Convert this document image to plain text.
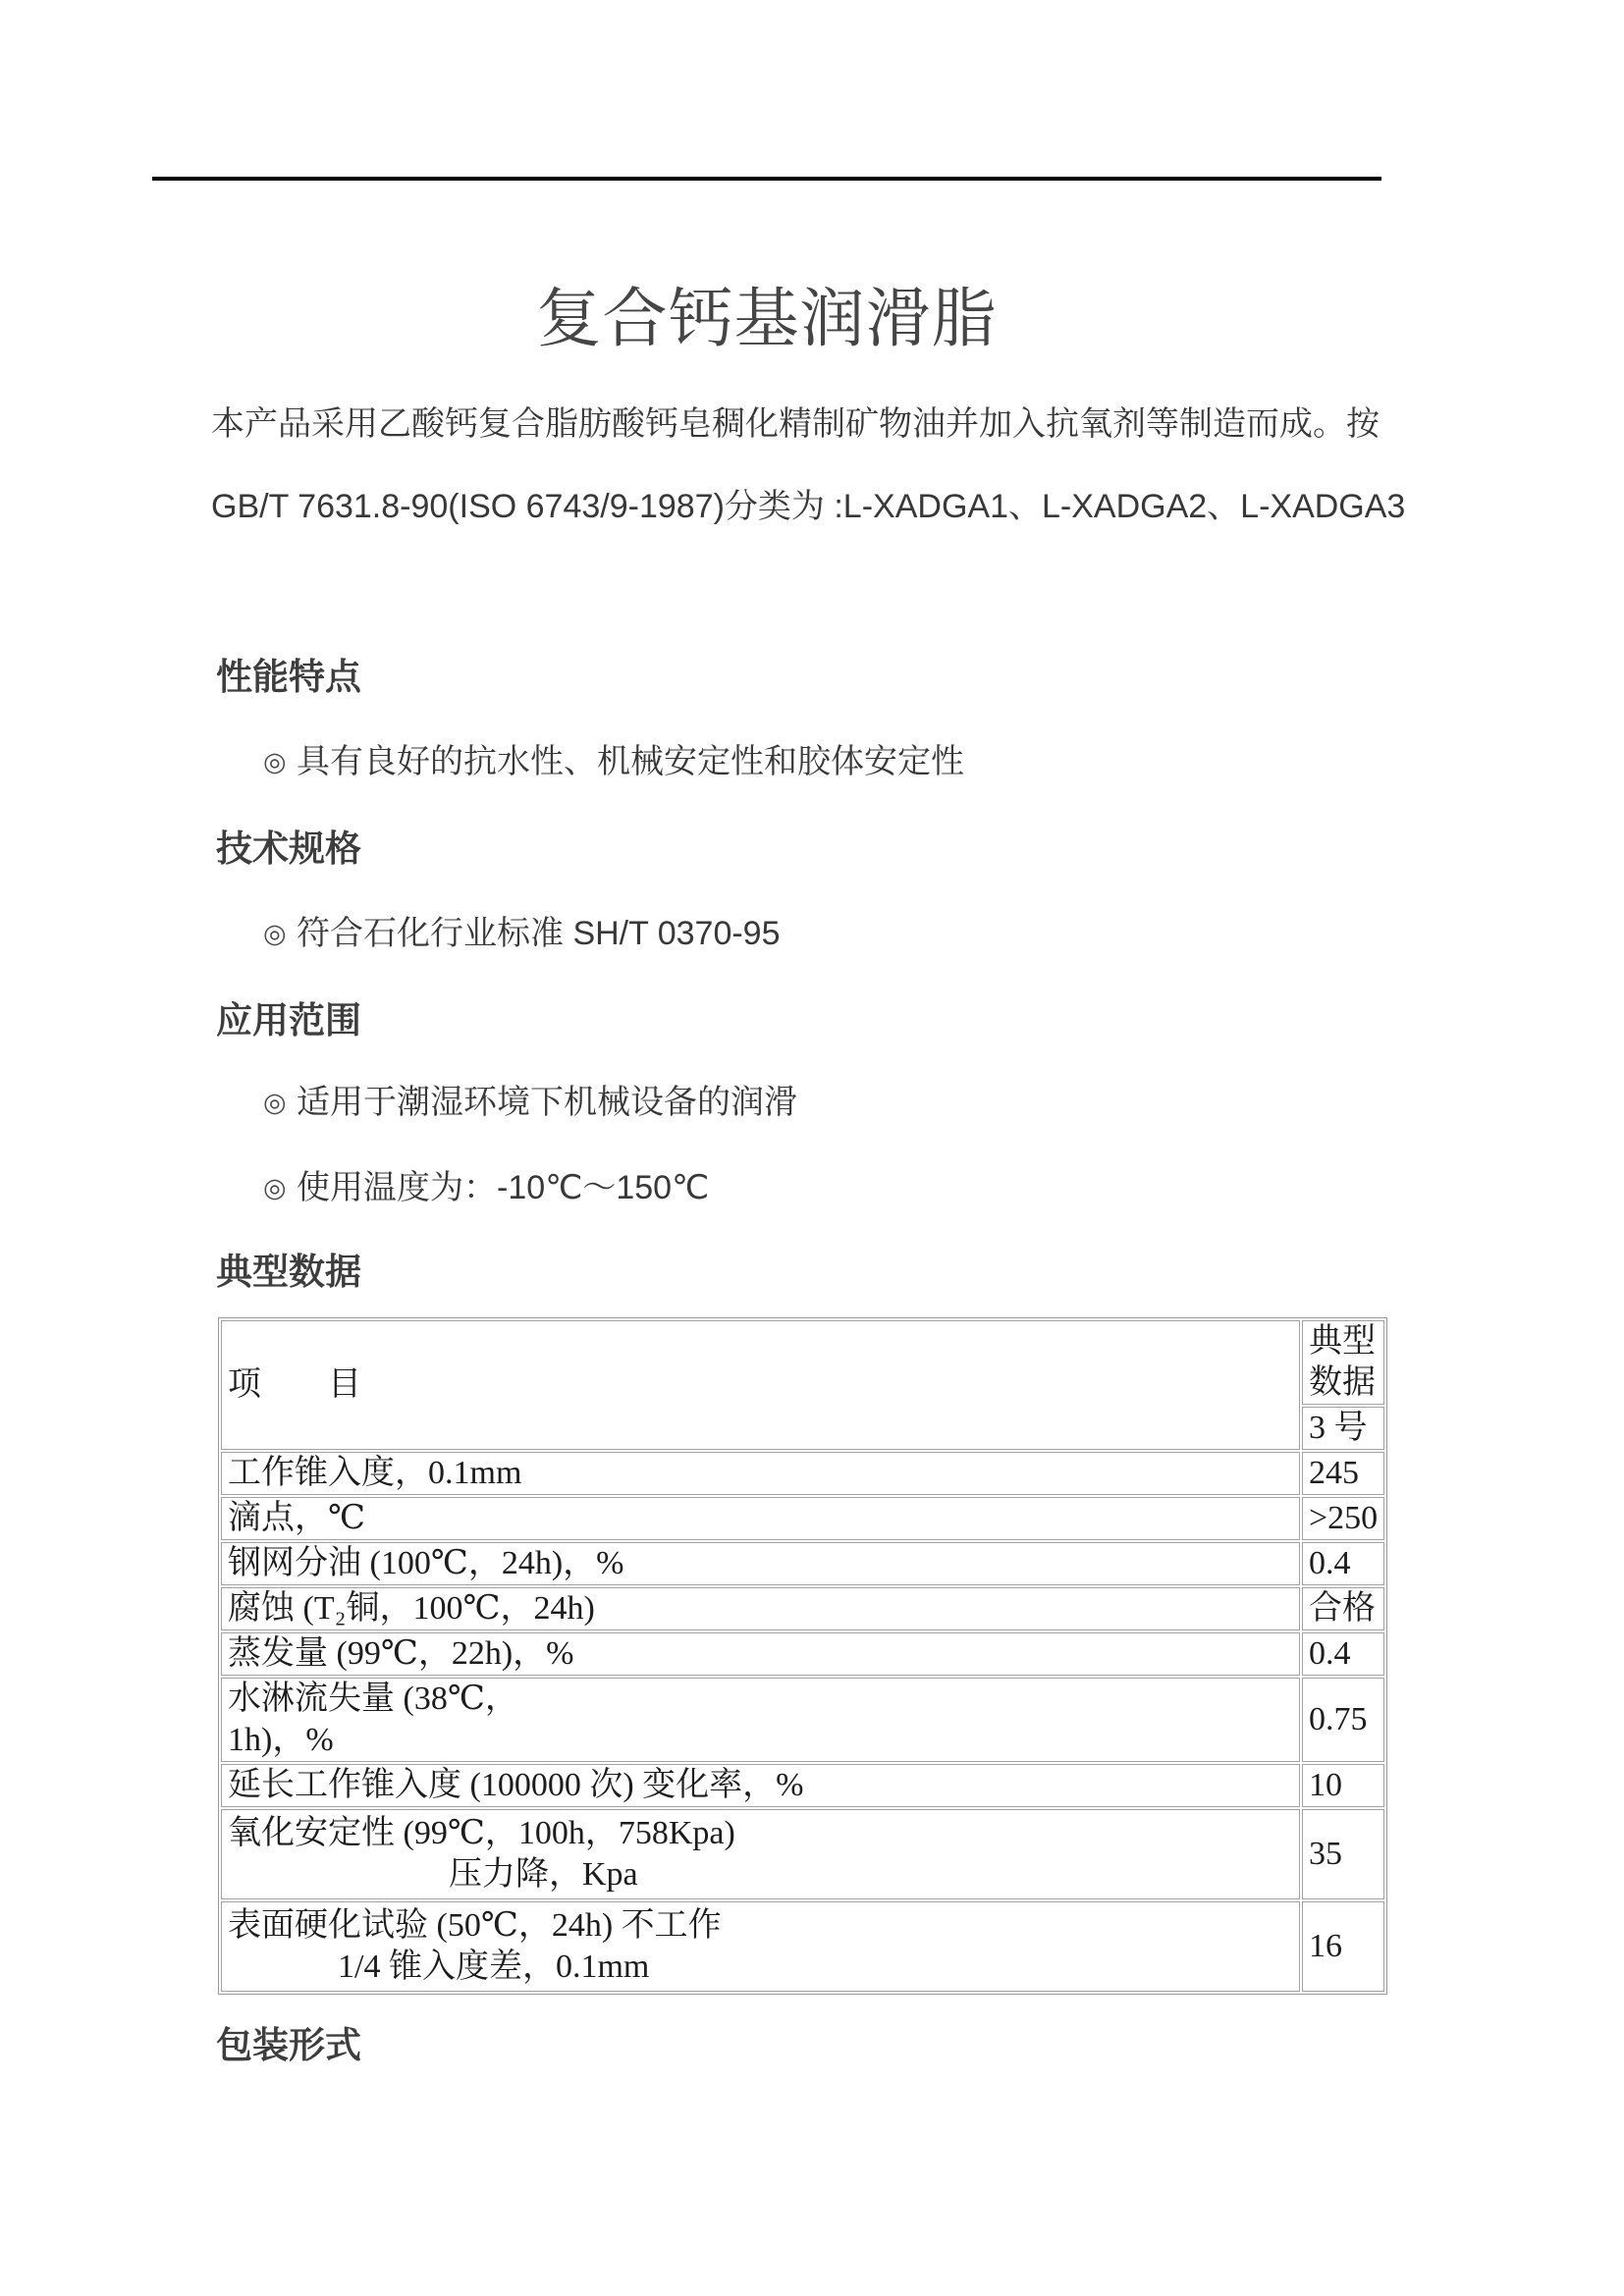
复合钙基润滑脂
本产品采用乙酸钙复合脂肪酸钙皂稠化精制矿物油并加入抗氧剂等制造而成。按
GB/T 7631.8-90(ISO 6743/9-1987)分类为 :L-XADGA1、L-XADGA2、L-XADGA3
性能特点
◎ 具有良好的抗水性、机械安定性和胶体安定性
技术规格
◎ 符合石化行业标准 SH/T 0370-95
应用范围
◎ 适用于潮湿环境下机械设备的润滑
◎ 使用温度为：-10℃～150℃
典型数据
项　　目	典型数据
	3 号
工作锥入度，0.1mm	245
滴点，℃	>250
钢网分油 (100℃，24h)，%	0.4
腐蚀 (T₂铜，100℃，24h)	合格
蒸发量 (99℃，22h)，%	0.4

水淋流失量 (38℃，
1h)，%	0.75
延长工作锥入度 (100000 次) 变化率，%	10

氧化安定性 (99℃，100h，758Kpa)
压力降，Kpa	35

表面硬化试验 (50℃，24h) 不工作
1/4 锥入度差，0.1mm	16
包装形式
